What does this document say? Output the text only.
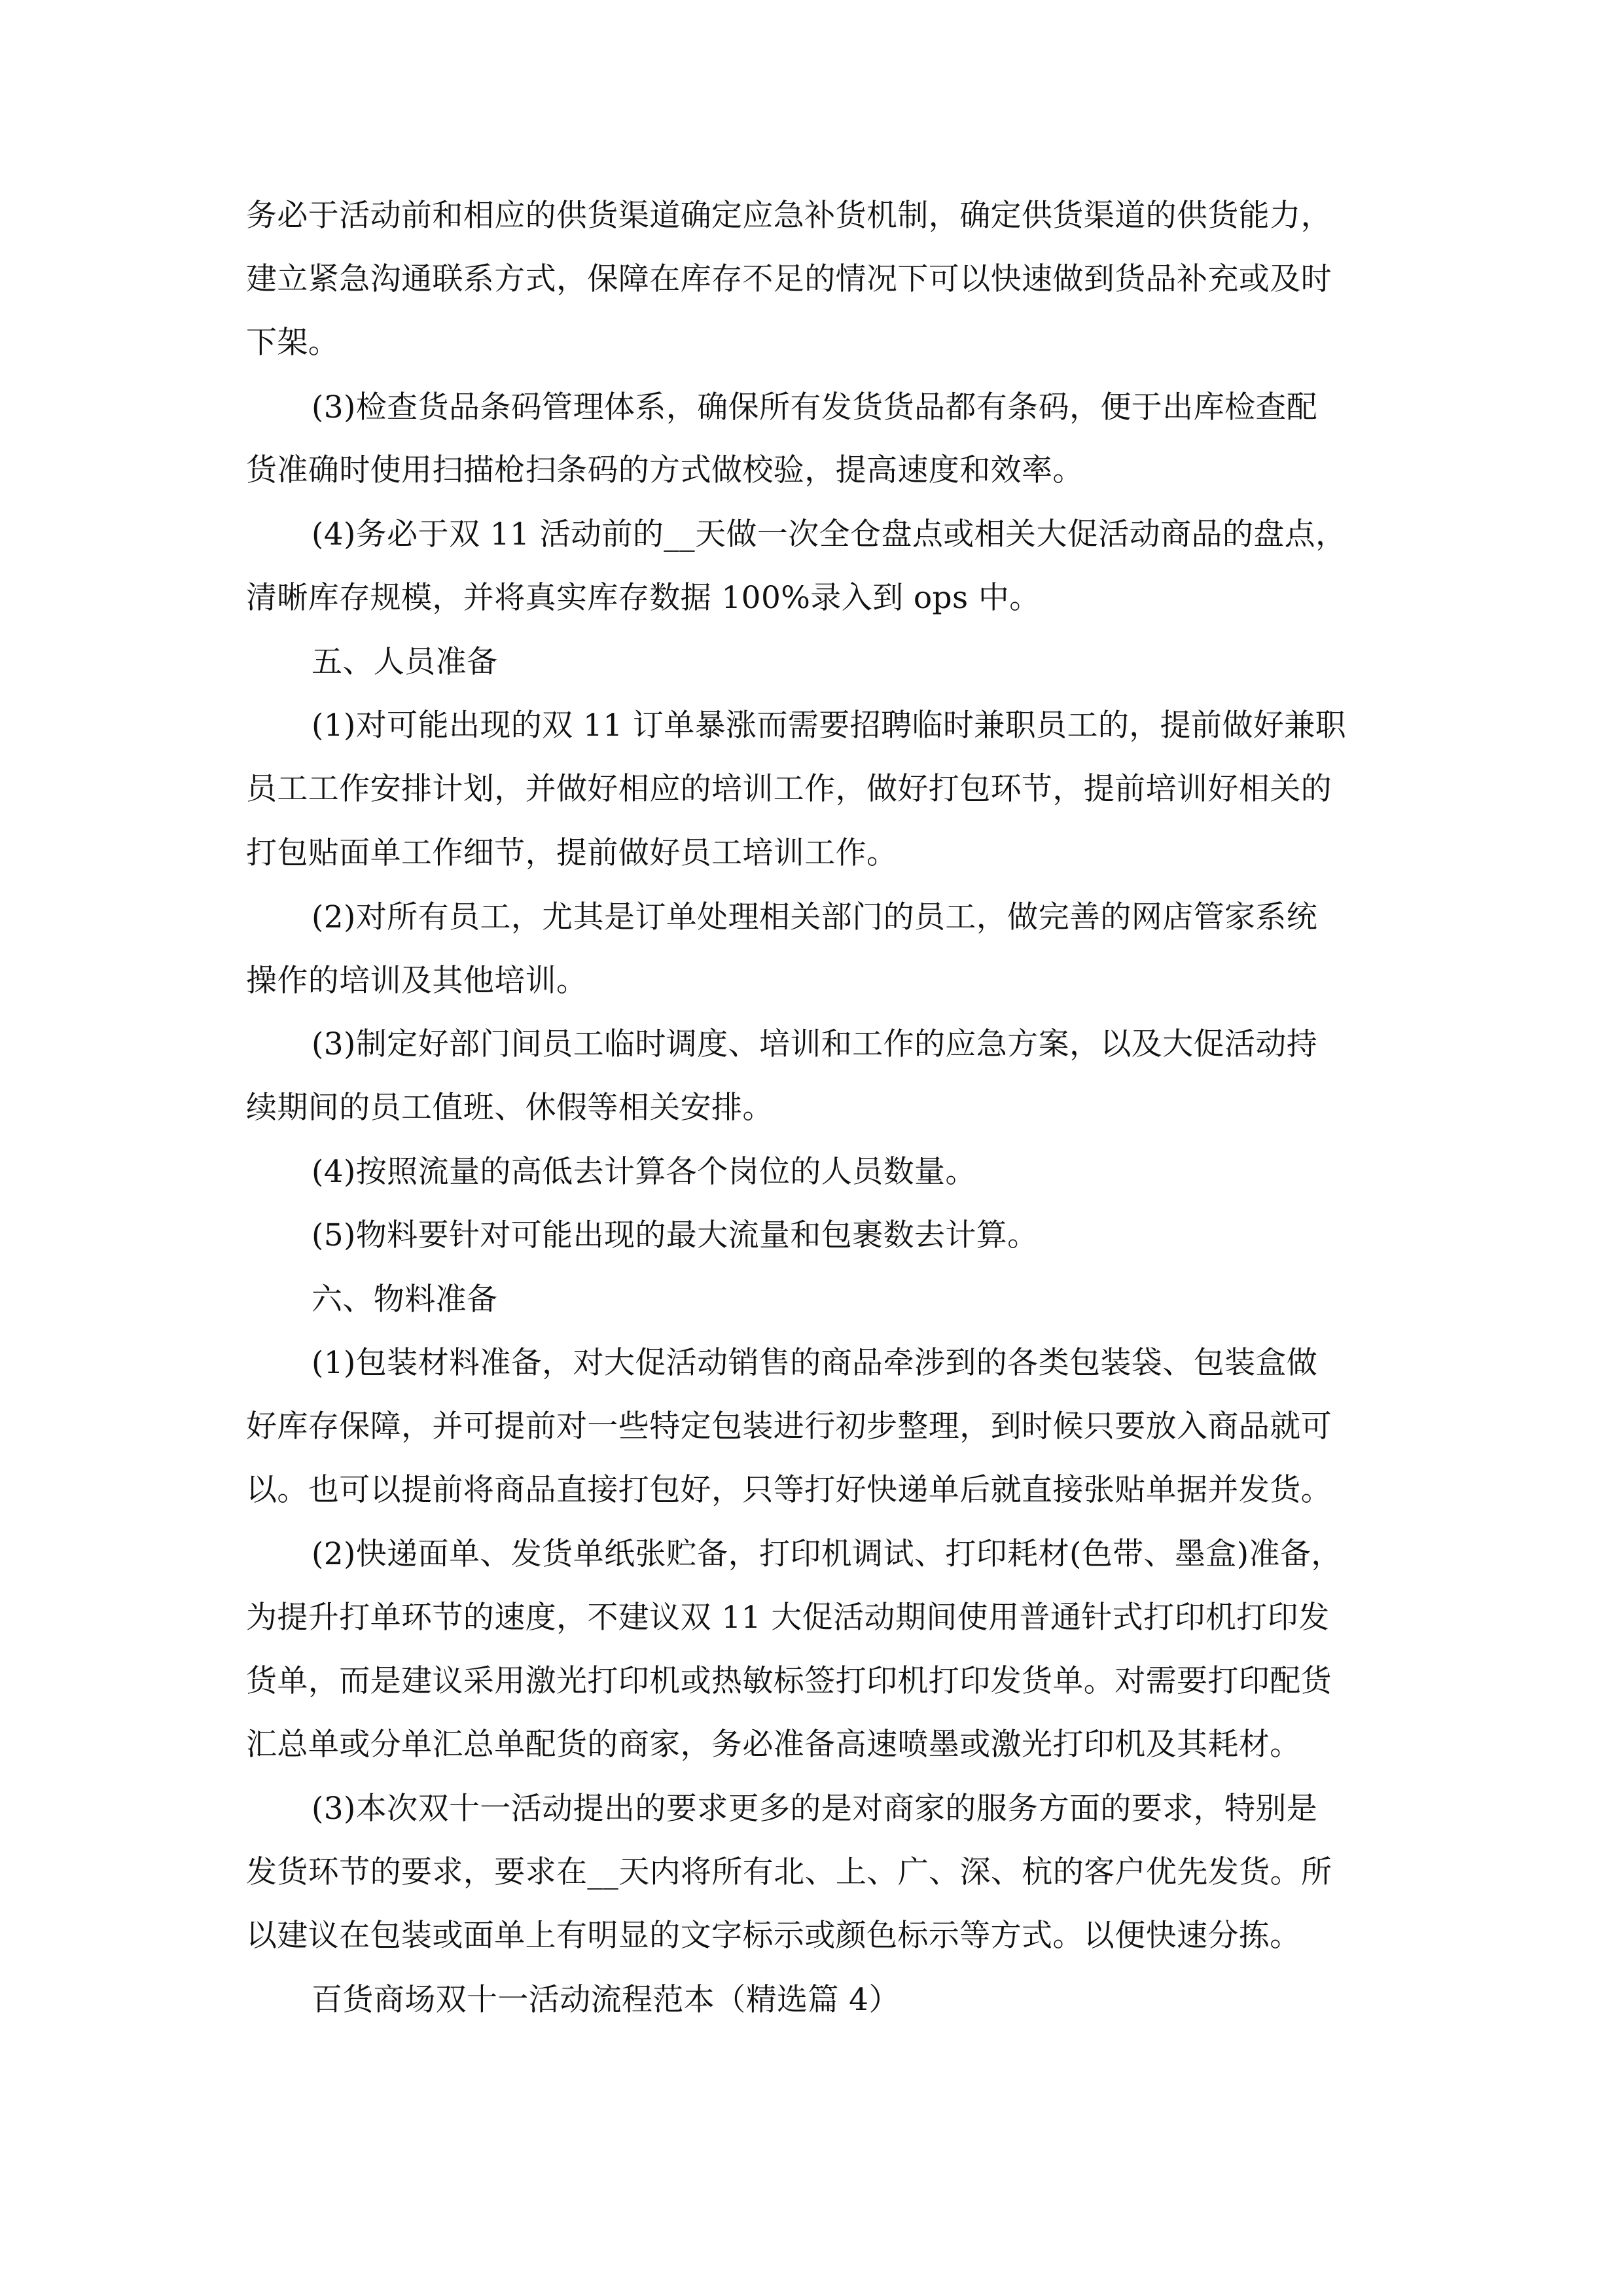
务必于活动前和相应的供货渠道确定应急补货机制，确定供货渠道的供货能力，
建立紧急沟通联系方式，保障在库存不足的情况下可以快速做到货品补充或及时
下架。
(3)检查货品条码管理体系，确保所有发货货品都有条码，便于出库检查配
货准确时使用扫描枪扫条码的方式做校验，提高速度和效率。
(4)务必于双 11 活动前的__天做一次全仓盘点或相关大促活动商品的盘点，
清晰库存规模，并将真实库存数据 100%录入到 ops 中。
五、人员准备
(1)对可能出现的双 11 订单暴涨而需要招聘临时兼职员工的，提前做好兼职
员工工作安排计划，并做好相应的培训工作，做好打包环节，提前培训好相关的
打包贴面单工作细节，提前做好员工培训工作。
(2)对所有员工，尤其是订单处理相关部门的员工，做完善的网店管家系统
操作的培训及其他培训。
(3)制定好部门间员工临时调度、培训和工作的应急方案，以及大促活动持
续期间的员工值班、休假等相关安排。
(4)按照流量的高低去计算各个岗位的人员数量。
(5)物料要针对可能出现的最大流量和包裹数去计算。
六、物料准备
(1)包装材料准备，对大促活动销售的商品牵涉到的各类包装袋、包装盒做
好库存保障，并可提前对一些特定包装进行初步整理，到时候只要放入商品就可
以。也可以提前将商品直接打包好，只等打好快递单后就直接张贴单据并发货。
(2)快递面单、发货单纸张贮备，打印机调试、打印耗材(色带、墨盒)准备，
为提升打单环节的速度，不建议双 11 大促活动期间使用普通针式打印机打印发
货单，而是建议采用激光打印机或热敏标签打印机打印发货单。对需要打印配货
汇总单或分单汇总单配货的商家，务必准备高速喷墨或激光打印机及其耗材。
(3)本次双十一活动提出的要求更多的是对商家的服务方面的要求，特别是
发货环节的要求，要求在__天内将所有北、上、广、深、杭的客户优先发货。所
以建议在包装或面单上有明显的文字标示或颜色标示等方式。以便快速分拣。
百货商场双十一活动流程范本（精选篇 4）
